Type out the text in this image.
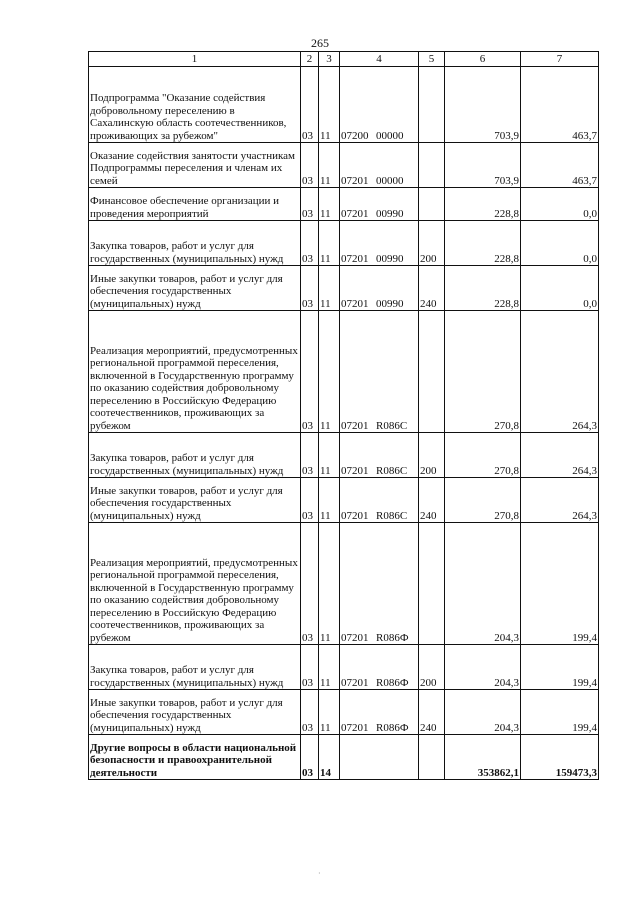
265
1	2	3	4	5	6	7
Подпрограмма "Оказание содействия добровольному переселению в Сахалинскую область соотечественников, проживающих за рубежом"	03	11	07200 00000		703,9	463,7
Оказание содействия занятости участникам Подпрограммы переселения и членам их семей	03	11	07201 00000		703,9	463,7
Финансовое обеспечение организации и проведения мероприятий	03	11	07201 00990		228,8	0,0
Закупка товаров, работ и услуг для государственных (муниципальных) нужд	03	11	07201 00990	200	228,8	0,0
Иные закупки товаров, работ и услуг для обеспечения государственных (муниципальных) нужд	03	11	07201 00990	240	228,8	0,0
Реализация мероприятий, предусмотренных региональной программой переселения, включенной в Государственную программу по оказанию содействия добровольному переселению в Российскую Федерацию соотечественников, проживающих за рубежом	03	11	07201 R086C		270,8	264,3
Закупка товаров, работ и услуг для государственных (муниципальных) нужд	03	11	07201 R086C	200	270,8	264,3
Иные закупки товаров, работ и услуг для обеспечения государственных (муниципальных) нужд	03	11	07201 R086C	240	270,8	264,3
Реализация мероприятий, предусмотренных региональной программой переселения, включенной в Государственную программу по оказанию содействия добровольному переселению в Российскую Федерацию соотечественников, проживающих за рубежом	03	11	07201 R086Ф		204,3	199,4
Закупка товаров, работ и услуг для государственных (муниципальных) нужд	03	11	07201 R086Ф	200	204,3	199,4
Иные закупки товаров, работ и услуг для обеспечения государственных (муниципальных) нужд	03	11	07201 R086Ф	240	204,3	199,4
Другие вопросы в области национальной безопасности и правоохранительной деятельности	03	14			353862,1	159473,3
·
